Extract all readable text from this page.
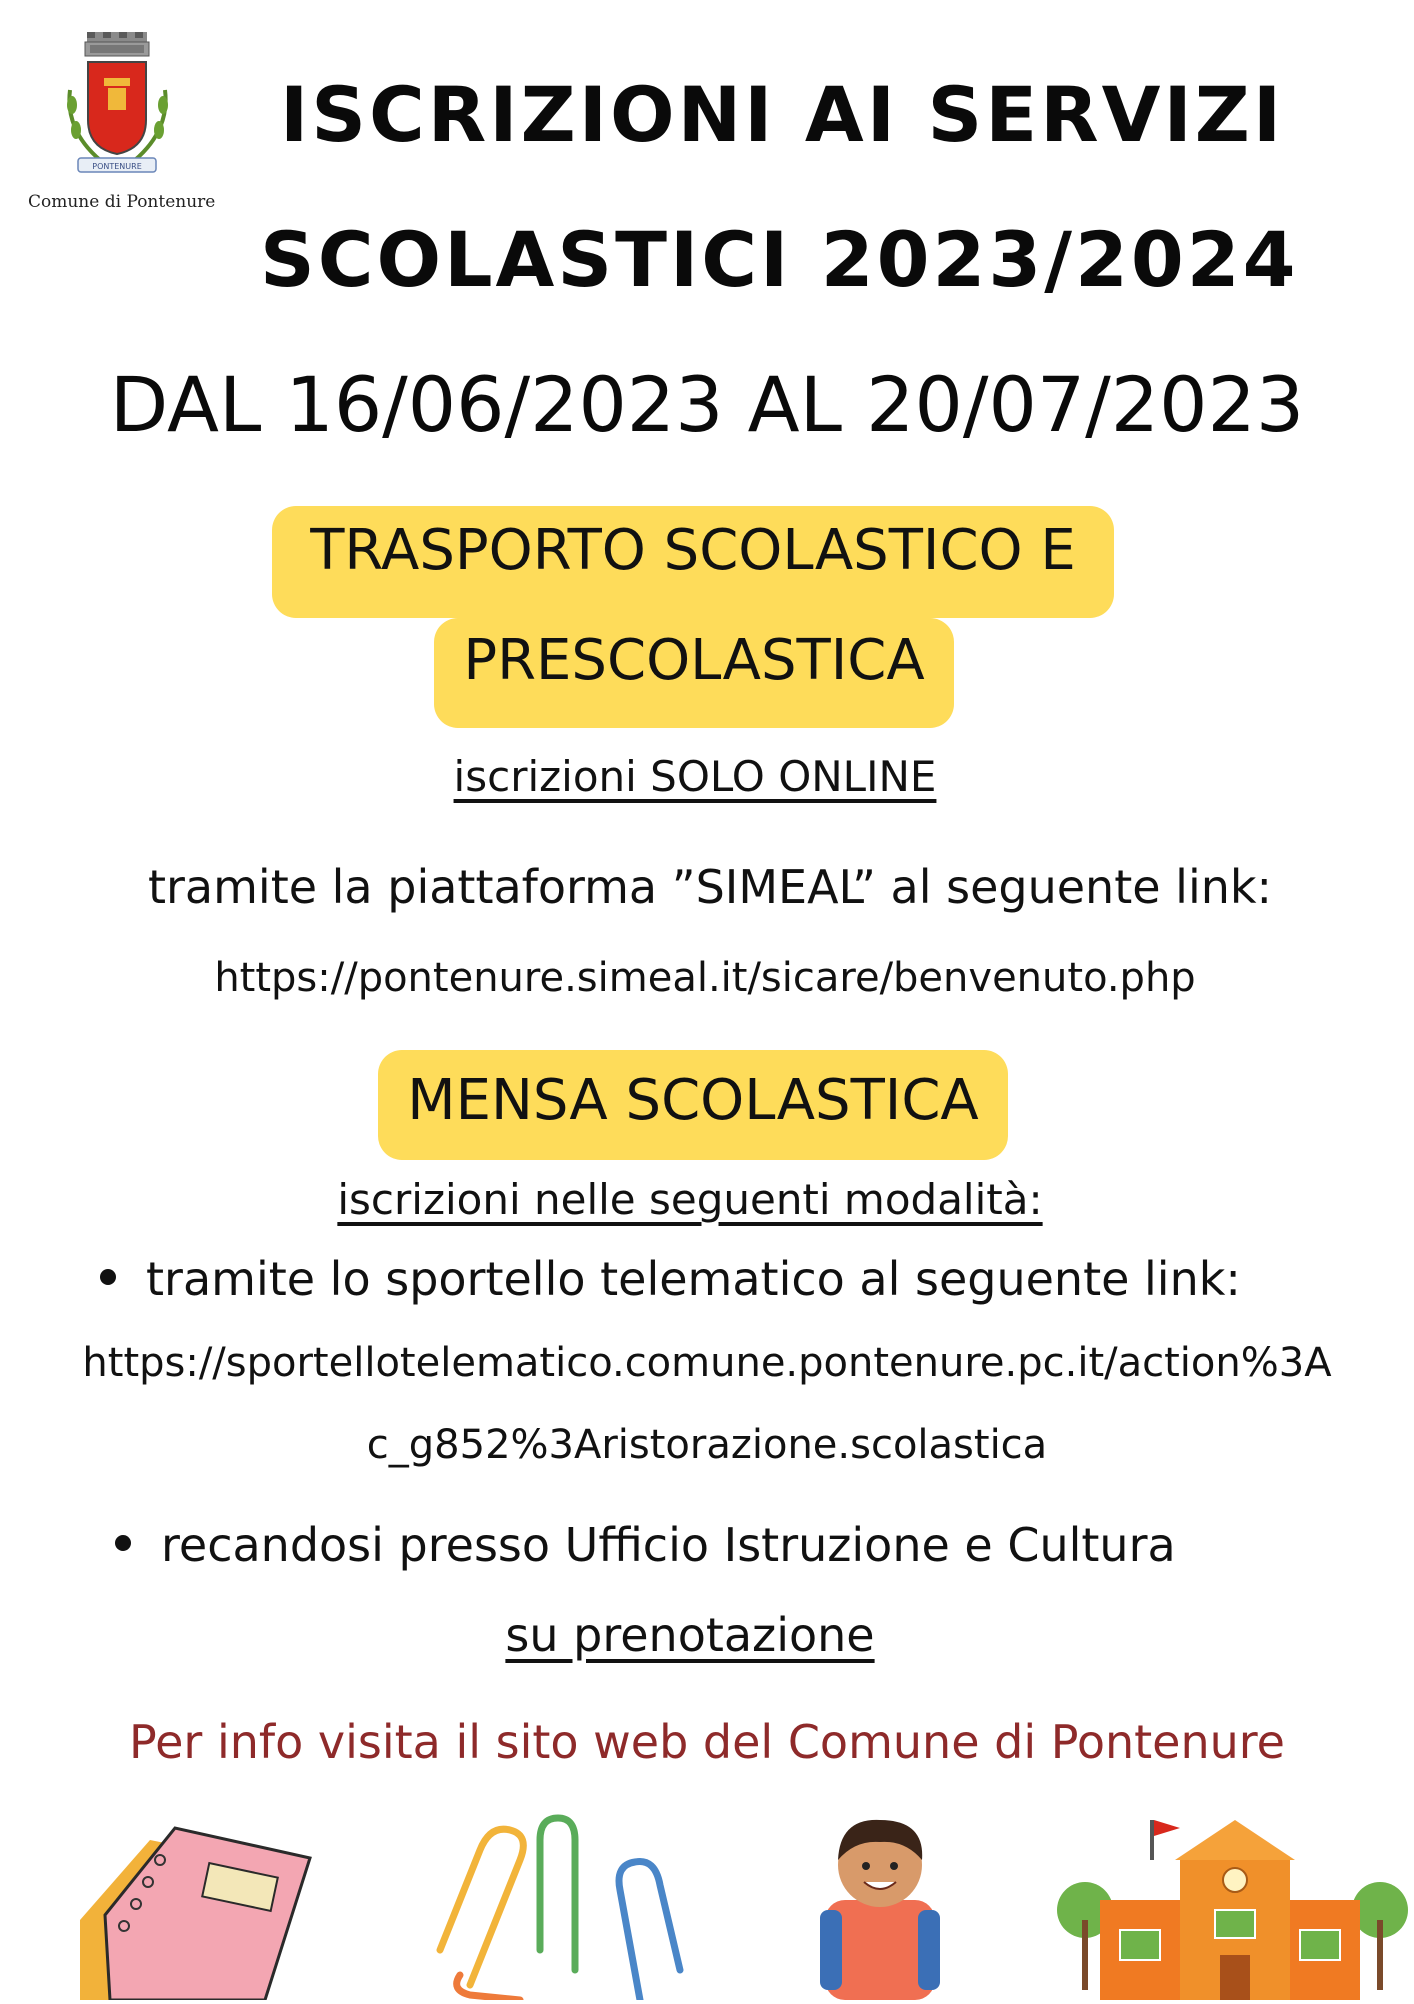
PONTENURE
Comune di Pontenure
ISCRIZIONI AI SERVIZI
SCOLASTICI 2023/2024
DAL 16/06/2023 AL 20/07/2023
TRASPORTO SCOLASTICO E
PRESCOLASTICA
iscrizioni SOLO ONLINE
tramite la piattaforma ”SIMEAL” al seguente link:
https://pontenure.simeal.it/sicare/benvenuto.php
MENSA SCOLASTICA
iscrizioni nelle seguenti modalità:
tramite lo sportello telematico al seguente link:
https://sportellotelematico.comune.pontenure.pc.it/action%3A
c_g852%3Aristorazione.scolastica
recandosi presso Ufficio Istruzione e Cultura
su prenotazione
Per info visita il sito web del Comune di Pontenure
